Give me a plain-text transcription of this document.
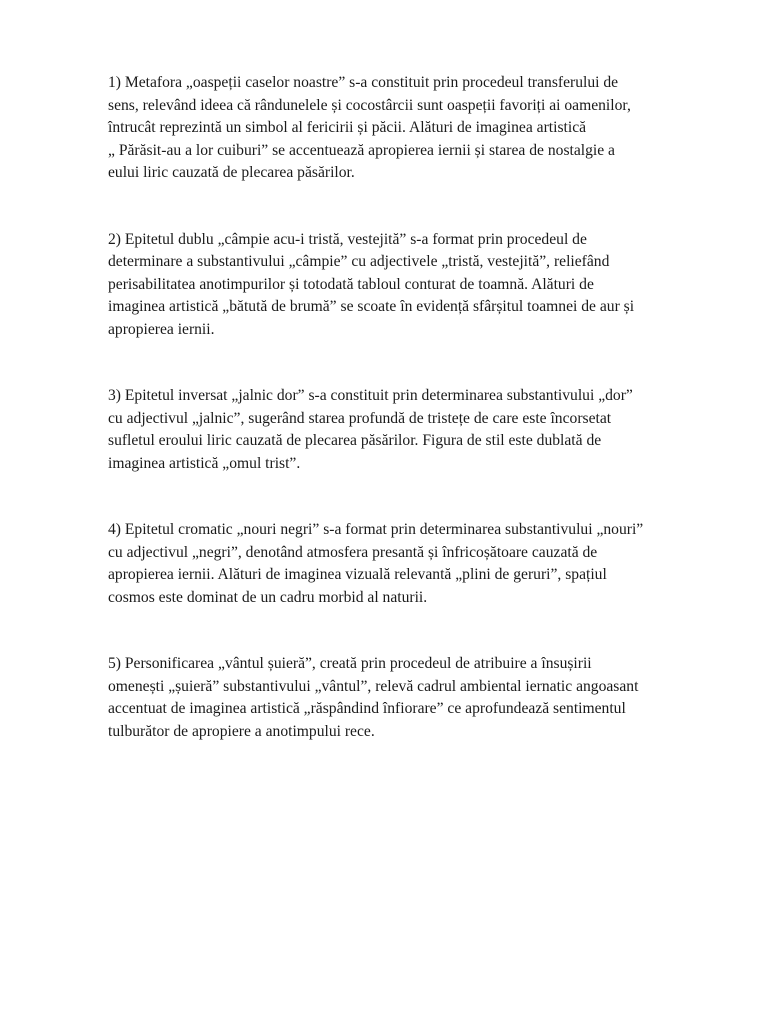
1) Metafora „oaspeții caselor noastre” s-a constituit prin procedeul transferului de
sens, relevând ideea că rândunelele și cocostârcii sunt oaspeții favoriți ai oamenilor,
întrucât reprezintă un simbol al fericirii și păcii. Alături de imaginea artistică
„ Părăsit-au a lor cuiburi” se accentuează apropierea iernii și starea de nostalgie a
eului liric cauzată de plecarea păsărilor.
2) Epitetul dublu „câmpie acu-i tristă, vestejită” s-a format prin procedeul de
determinare a substantivului „câmpie” cu adjectivele „tristă, vestejită”, reliefând
perisabilitatea anotimpurilor și totodată tabloul conturat de toamnă. Alături de
imaginea artistică „bătută de brumă” se scoate în evidență sfârșitul toamnei de aur și
apropierea iernii.
3) Epitetul inversat „jalnic dor” s-a constituit prin determinarea substantivului „dor”
cu adjectivul „jalnic”, sugerând starea profundă de tristețe de care este încorsetat
sufletul eroului liric cauzată de plecarea păsărilor. Figura de stil este dublată de
imaginea artistică „omul trist”.
4) Epitetul cromatic „nouri negri” s-a format prin determinarea substantivului „nouri”
cu adjectivul „negri”, denotând atmosfera presantă și înfricoșătoare cauzată de
apropierea iernii. Alături de imaginea vizuală relevantă „plini de geruri”, spațiul
cosmos este dominat de un cadru morbid al naturii.
5) Personificarea „vântul șuieră”, creată prin procedeul de atribuire a însușirii
omenești „șuieră” substantivului „vântul”, relevă cadrul ambiental iernatic angoasant
accentuat de imaginea artistică „răspândind înfiorare” ce aprofundează sentimentul
tulburător de apropiere a anotimpului rece.
